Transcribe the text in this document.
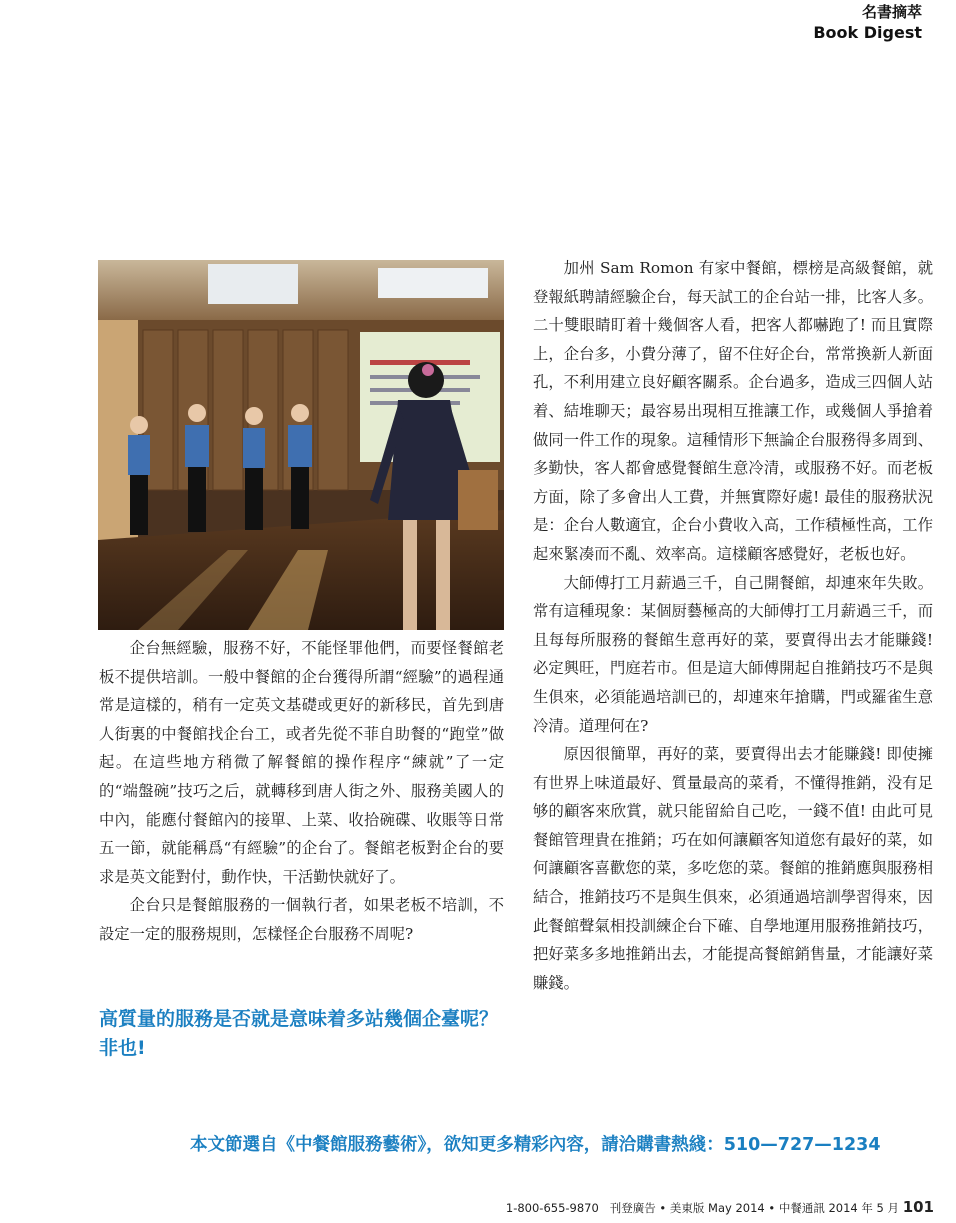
名書摘萃
Book Digest

企台無經驗，服務不好，不能怪罪他們，而要怪餐館老板不提供培訓。一般中餐館的企台獲得所謂“經驗”的過程通常是這樣的，稍有一定英文基礎或更好的新移民，首先到唐人街裏的中餐館找企台工，或者先從不菲自助餐的“跑堂”做起。在這些地方稍微了解餐館的操作程序“練就”了一定的“端盤碗”技巧之后，就轉移到唐人街之外、服務美國人的中內，能應付餐館內的接單、上菜、收拾碗碟、收賬等日常五一節，就能稱爲“有經驗”的企台了。餐館老板對企台的要求是英文能對付，動作快，干活勤快就好了。

企台只是餐館服務的一個執行者，如果老板不培訓，不設定一定的服務規則，怎樣怪企台服務不周呢?

高質量的服務是否就是意味着多站幾個企臺呢？非也!

加州 Sam Romon 有家中餐館，標榜是高級餐館，就登報紙聘請經驗企台，每天試工的企台站一排，比客人多。二十雙眼睛盯着十幾個客人看，把客人都嚇跑了! 而且實際上，企台多，小費分薄了，留不住好企台，常常換新人新面孔，不利用建立良好顧客關系。企台過多，造成三四個人站着、結堆聊天；最容易出現相互推讓工作，或幾個人爭搶着做同一件工作的現象。這種情形下無論企台服務得多周到、多勤快，客人都會感覺餐館生意冷清，或服務不好。而老板方面，除了多會出人工費，并無實際好處! 最佳的服務狀況是：企台人數適宜，企台小費收入高，工作積極性高，工作起來緊凑而不亂、效率高。這樣顧客感覺好，老板也好。

大師傅打工月薪過三千，自己開餐館，却連來年失敗。常有這種現象：某個厨藝極高的大師傅打工月薪過三千，而且每每所服務的餐館生意再好的菜，要賣得出去才能賺錢! 必定興旺，門庭若市。但是這大師傅開起自推銷技巧不是與生俱來，必須能過培訓已的，却連來年搶購，門或羅雀生意冷清。道理何在?

原因很簡單，再好的菜，要賣得出去才能賺錢! 即使擁有世界上味道最好、質量最高的菜肴，不懂得推銷，没有足够的顧客來欣賞，就只能留給自己吃，一錢不值! 由此可見餐館管理貴在推銷；巧在如何讓顧客知道您有最好的菜，如何讓顧客喜歡您的菜，多吃您的菜。餐館的推銷應與服務相結合，推銷技巧不是與生俱來，必須通過培訓學習得來，因此餐館聲氣相投訓練企台下確、自學地運用服務推銷技巧，把好菜多多地推銷出去，才能提高餐館銷售量，才能讓好菜賺錢。

本文節選自《中餐館服務藝術》，欲知更多精彩內容，請洽購書熱綫：510—727—1234
1-800-655-9870 刊登廣告 • 美東版 May 2014 • 中餐通訊 2014 年 5 月 101
